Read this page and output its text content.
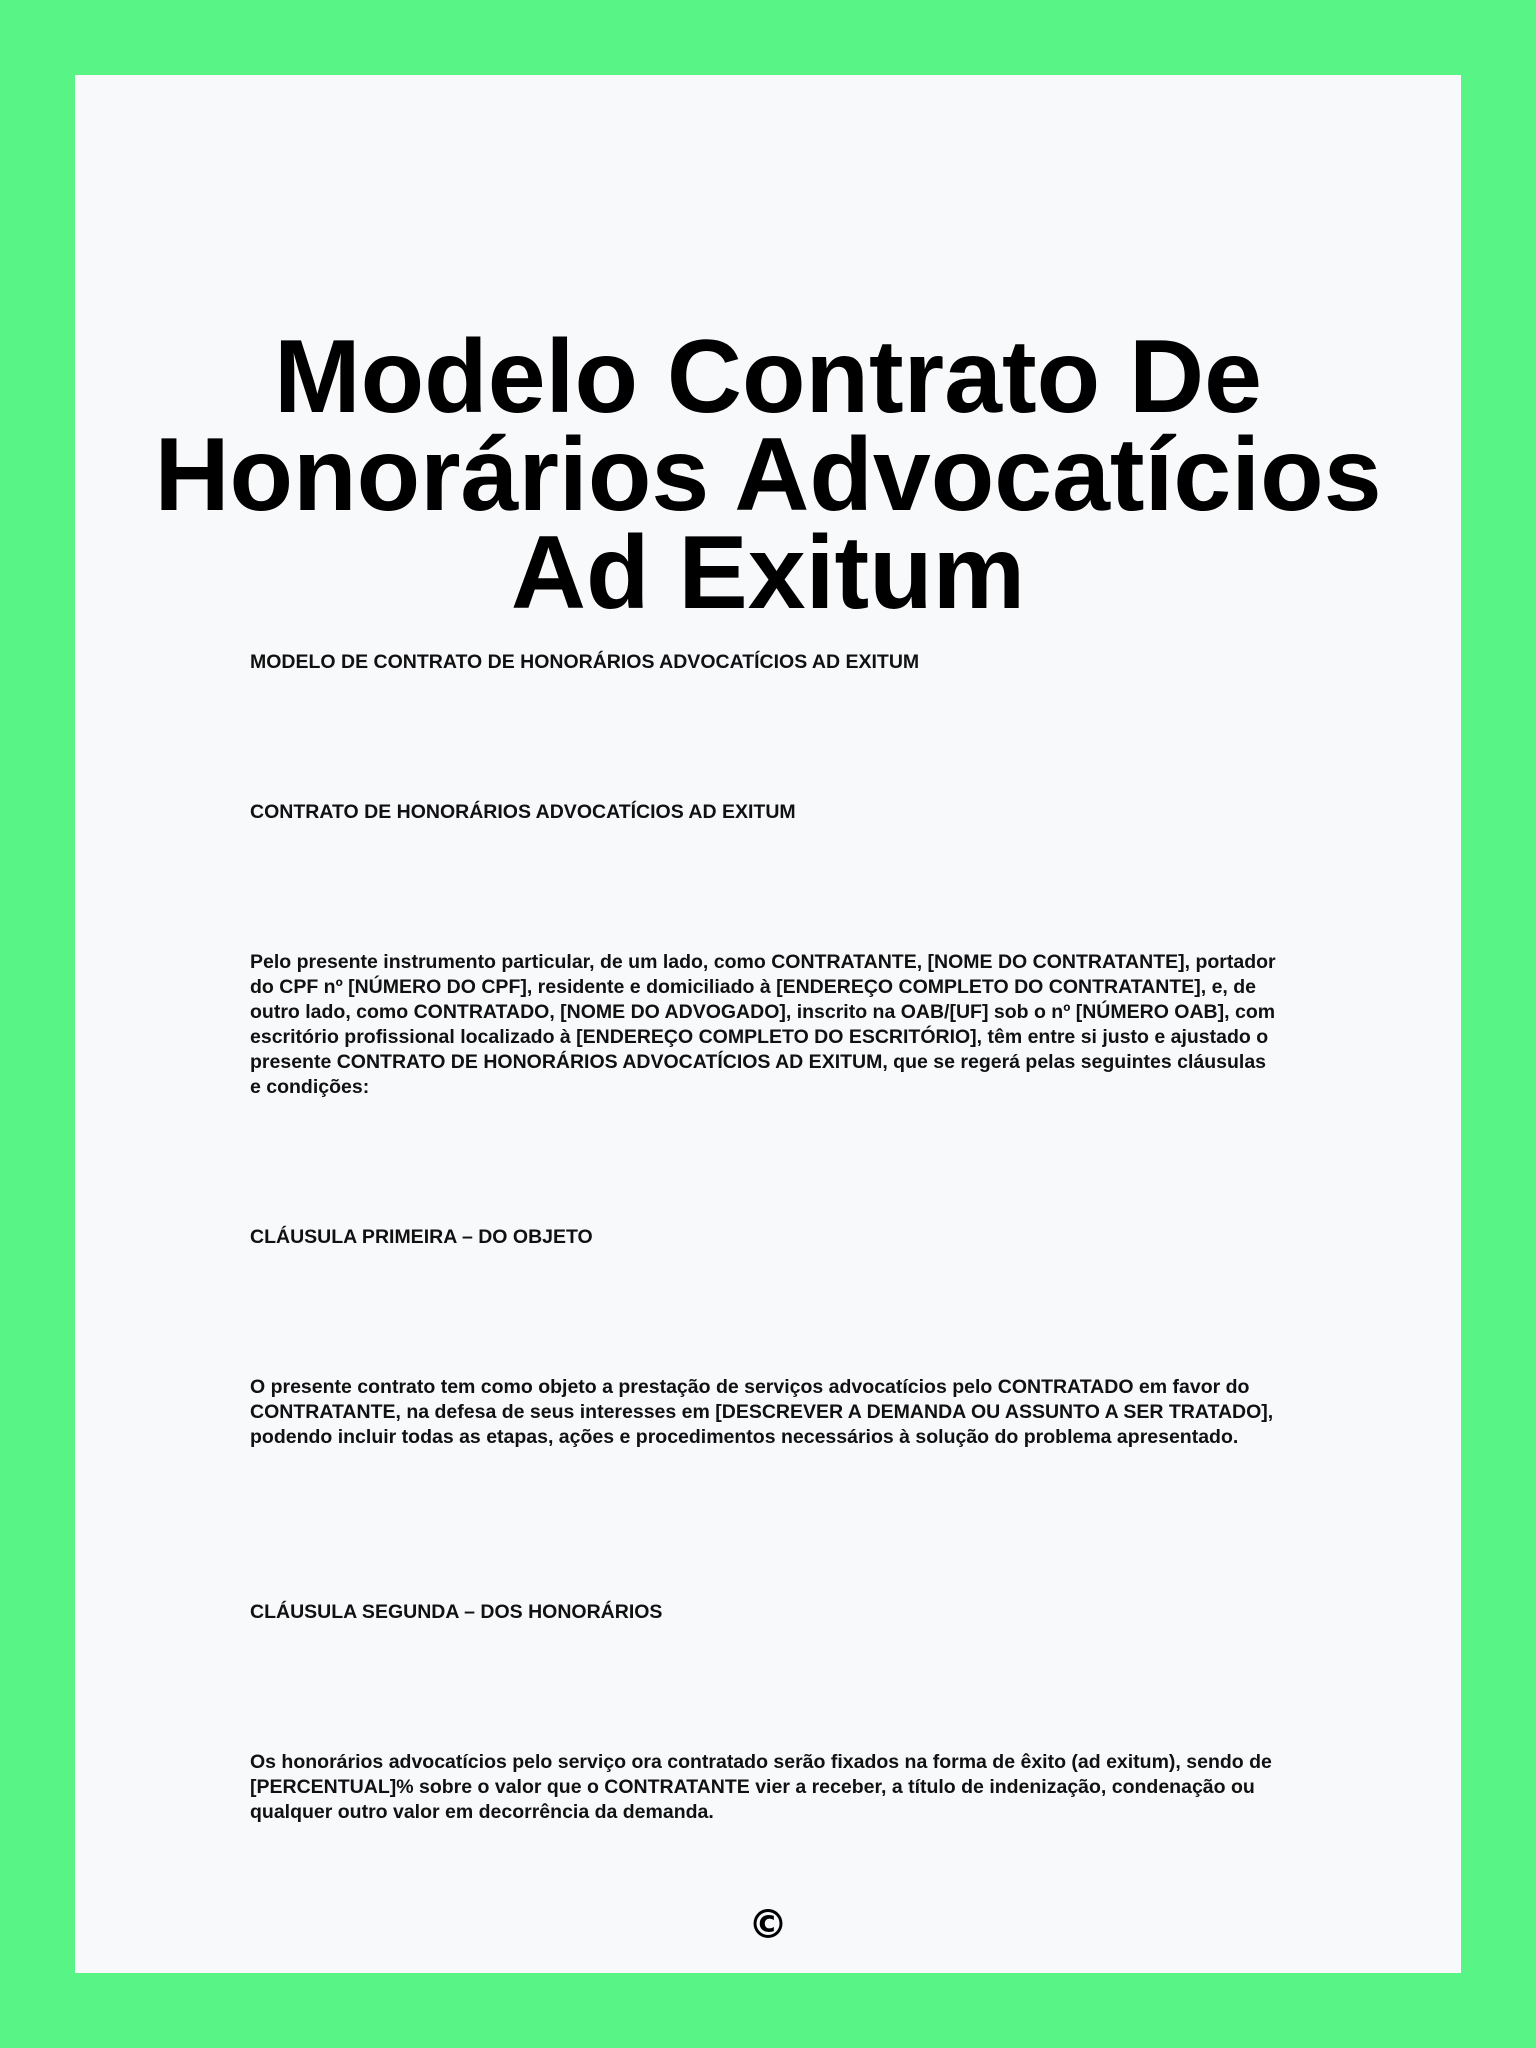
Modelo Contrato De Honorários Advocatícios Ad Exitum

MODELO DE CONTRATO DE HONORÁRIOS ADVOCATÍCIOS AD EXITUM

CONTRATO DE HONORÁRIOS ADVOCATÍCIOS AD EXITUM

Pelo presente instrumento particular, de um lado, como CONTRATANTE, [NOME DO CONTRATANTE], portador do CPF nº [NÚMERO DO CPF], residente e domiciliado à [ENDEREÇO COMPLETO DO CONTRATANTE], e, de outro lado, como CONTRATADO, [NOME DO ADVOGADO], inscrito na OAB/[UF] sob o nº [NÚMERO OAB], com escritório profissional localizado à [ENDEREÇO COMPLETO DO ESCRITÓRIO], têm entre si justo e ajustado o presente CONTRATO DE HONORÁRIOS ADVOCATÍCIOS AD EXITUM, que se regerá pelas seguintes cláusulas e condições:

CLÁUSULA PRIMEIRA – DO OBJETO

O presente contrato tem como objeto a prestação de serviços advocatícios pelo CONTRATADO em favor do CONTRATANTE, na defesa de seus interesses em [DESCREVER A DEMANDA OU ASSUNTO A SER TRATADO], podendo incluir todas as etapas, ações e procedimentos necessários à solução do problema apresentado.

CLÁUSULA SEGUNDA – DOS HONORÁRIOS

Os honorários advocatícios pelo serviço ora contratado serão fixados na forma de êxito (ad exitum), sendo de [PERCENTUAL]% sobre o valor que o CONTRATANTE vier a receber, a título de indenização, condenação ou qualquer outro valor em decorrência da demanda.

©
